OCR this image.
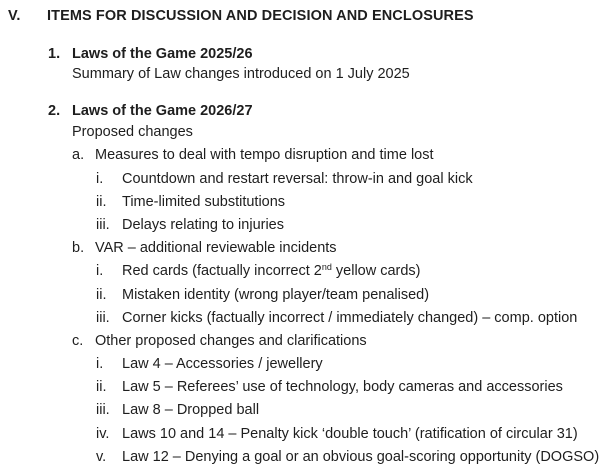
V. ITEMS FOR DISCUSSION AND DECISION AND ENCLOSURES
1. Laws of the Game 2025/26
Summary of Law changes introduced on 1 July 2025
2. Laws of the Game 2026/27
Proposed changes
a. Measures to deal with tempo disruption and time lost
i. Countdown and restart reversal: throw-in and goal kick
ii. Time-limited substitutions
iii. Delays relating to injuries
b. VAR – additional reviewable incidents
i. Red cards (factually incorrect 2nd yellow cards)
ii. Mistaken identity (wrong player/team penalised)
iii. Corner kicks (factually incorrect / immediately changed) – comp. option
c. Other proposed changes and clarifications
i. Law 4 – Accessories / jewellery
ii. Law 5 – Referees’ use of technology, body cameras and accessories
iii. Law 8 – Dropped ball
iv. Laws 10 and 14 – Penalty kick ‘double touch’ (ratification of circular 31)
v. Law 12 – Denying a goal or an obvious goal-scoring opportunity (DOGSO)
